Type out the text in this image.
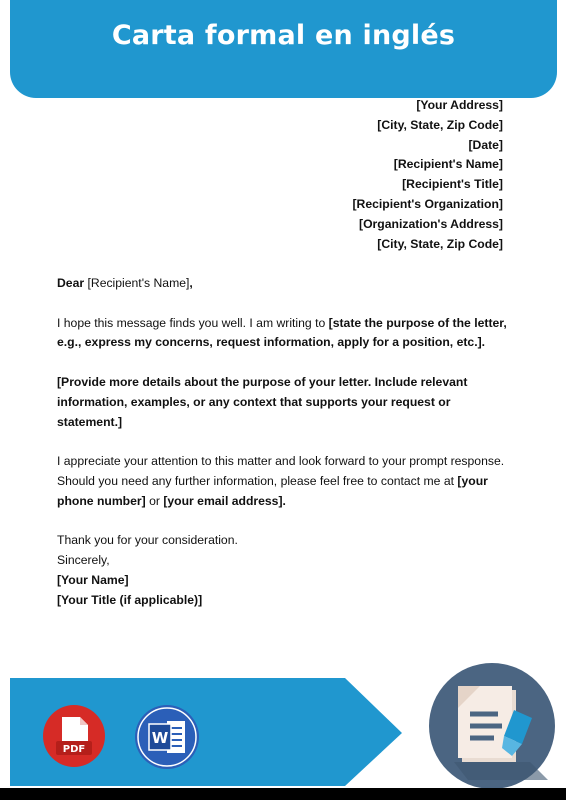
Carta formal en inglés
[Your Address]
[City, State, Zip Code]
[Date]
[Recipient's Name]
[Recipient's Title]
[Recipient's Organization]
[Organization's Address]
[City, State, Zip Code]

Dear [Recipient's Name],

I hope this message finds you well. I am writing to [state the purpose of the letter, e.g., express my concerns, request information, apply for a position, etc.].

[Provide more details about the purpose of your letter. Include relevant information, examples, or any context that supports your request or statement.]

I appreciate your attention to this matter and look forward to your prompt response. Should you need any further information, please feel free to contact me at [your phone number] or [your email address].

Thank you for your consideration.
Sincerely,
[Your Name]
[Your Title (if applicable)]
PDF
W
